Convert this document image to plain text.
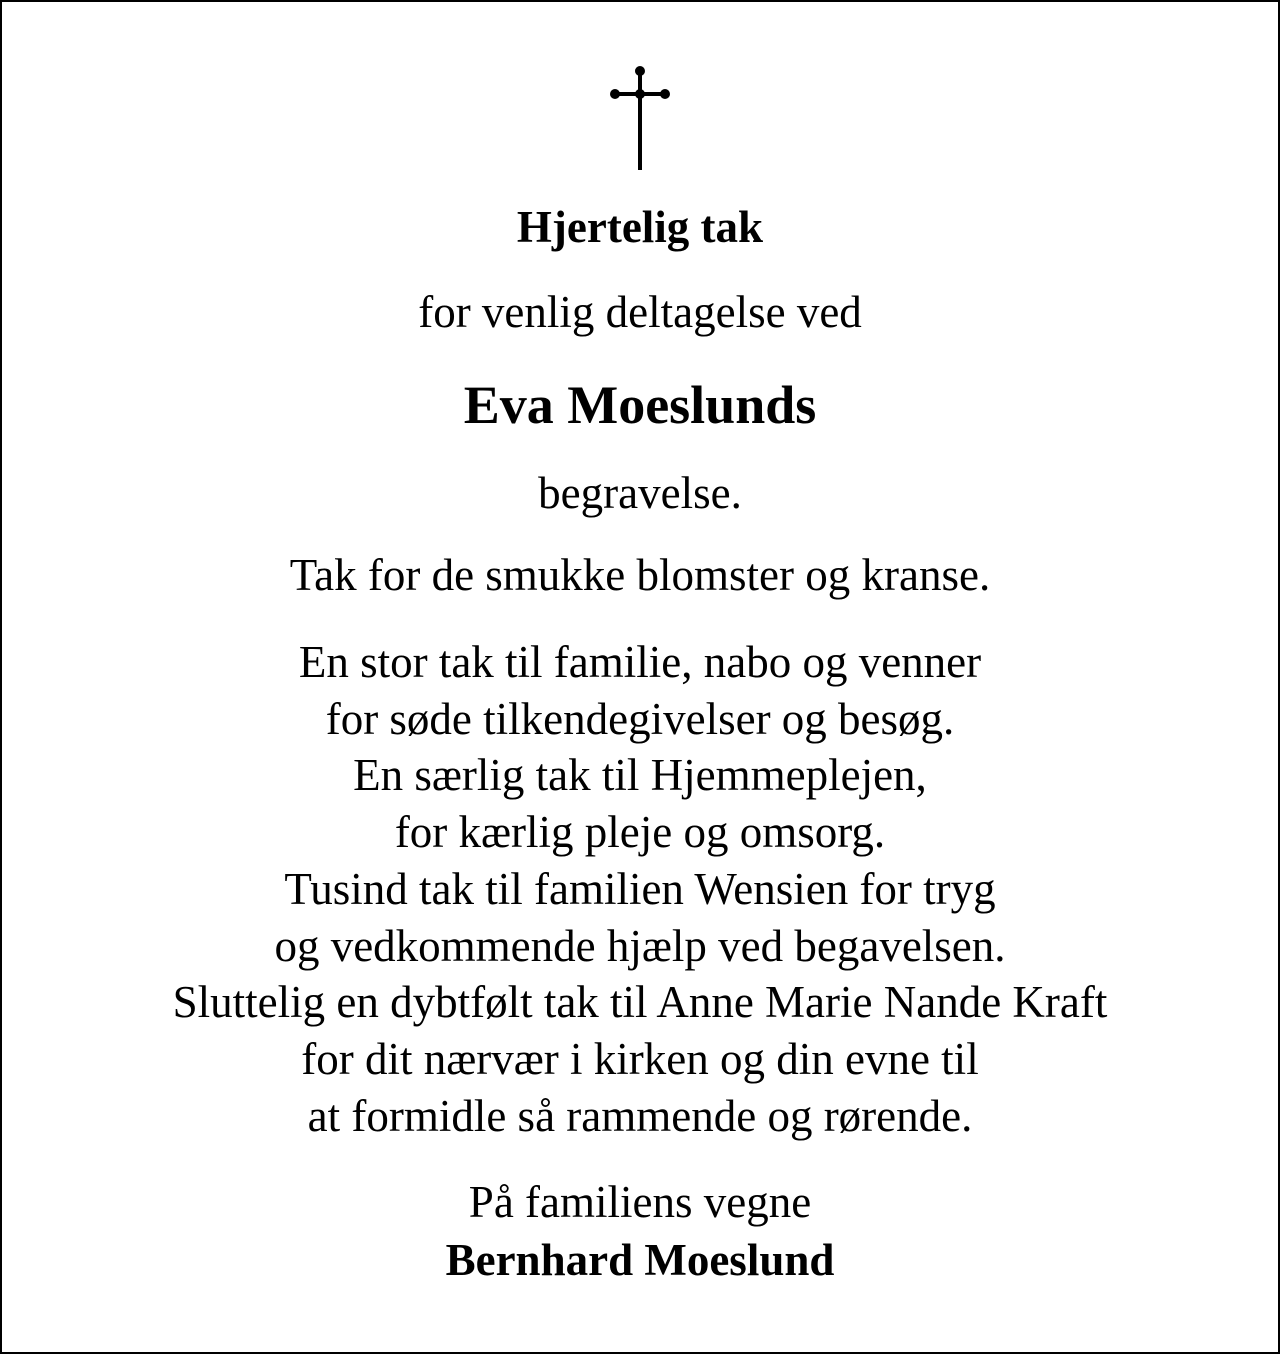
Hjertelig tak
for venlig deltagelse ved
Eva Moeslunds
begravelse.
Tak for de smukke blomster og kranse.
En stor tak til familie, nabo og venner
for søde tilkendegivelser og besøg.
En særlig tak til Hjemmeplejen,
for kærlig pleje og omsorg.
Tusind tak til familien Wensien for tryg
og vedkommende hjælp ved begavelsen.
Sluttelig en dybtfølt tak til Anne Marie Nande Kraft
for dit nærvær i kirken og din evne til
at formidle så rammende og rørende.
På familiens vegne
Bernhard Moeslund
